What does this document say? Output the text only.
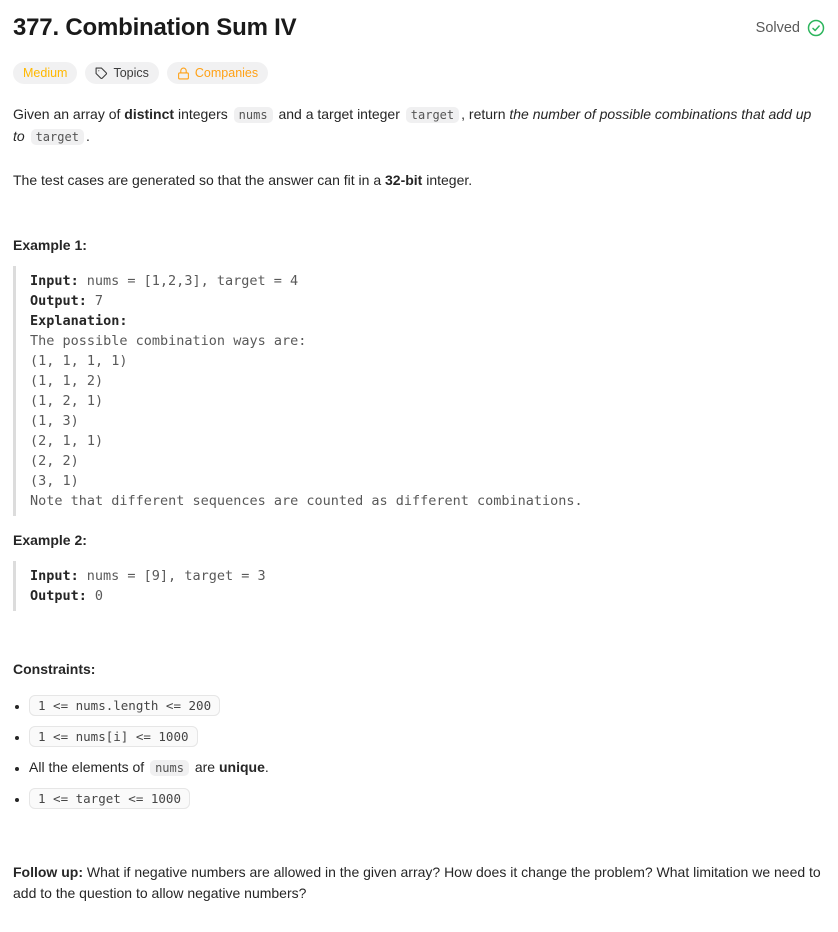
377. Combination Sum IV	Solved
Medium	Topics	Companies

Given an array of distinct integers nums and a target integer target , return the number of possible combinations that add up to target .

The test cases are generated so that the answer can fit in a 32-bit integer.

Example 1:
Input: nums = [1,2,3], target = 4
Output: 7
Explanation:
The possible combination ways are:
(1, 1, 1, 1)
(1, 1, 2)
(1, 2, 1)
(1, 3)
(2, 1, 1)
(2, 2)
(3, 1)
Note that different sequences are counted as different combinations.
Example 2:
Input: nums = [9], target = 3
Output: 0
Constraints:
• 1 <= nums.length <= 200
• 1 <= nums[i] <= 1000
• All the elements of nums are unique.
• 1 <= target <= 1000

Follow up: What if negative numbers are allowed in the given array? How does it change the problem? What limitation we need to add to the question to allow negative numbers?
